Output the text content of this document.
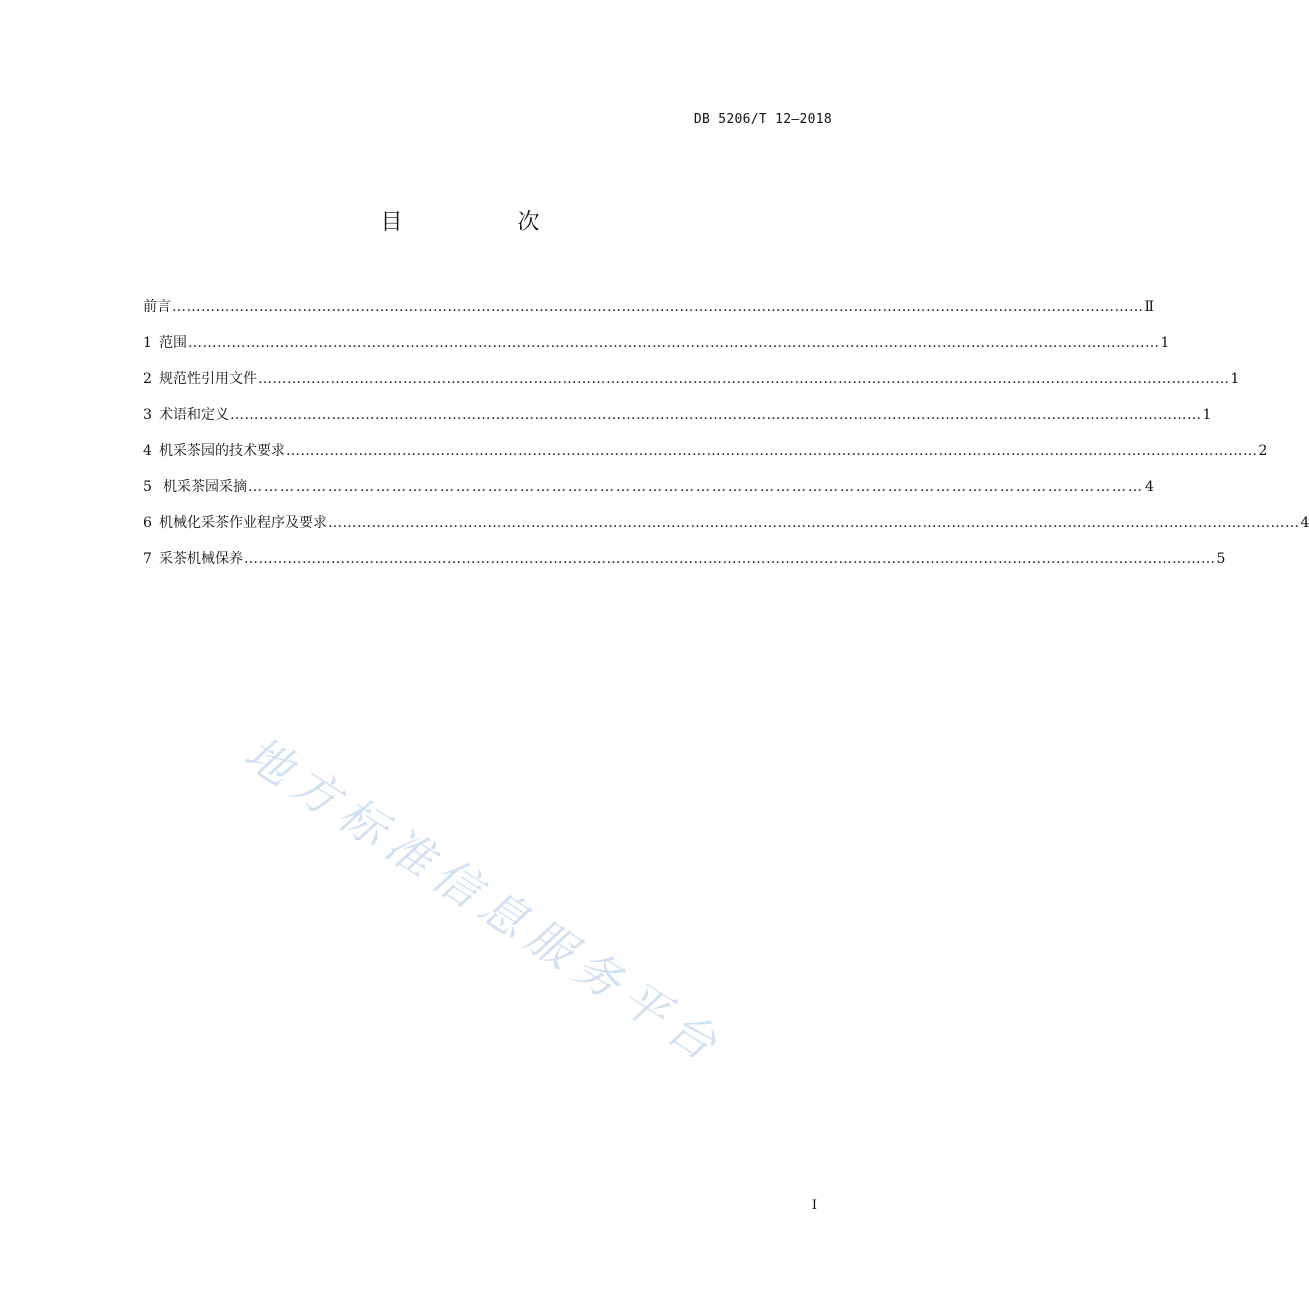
DB 5206/T 12—2018
目 次
前言 ………………………………………………………………………………………………………………………………………………………………………………… Ⅱ
1 范围 ………………………………………………………………………………………………………………………………………………………………………………… 1
2 规范性引用文件 ………………………………………………………………………………………………………………………………………………………………………………… 1
3 术语和定义 ………………………………………………………………………………………………………………………………………………………………………………… 1
4 机采茶园的技术要求 ………………………………………………………………………………………………………………………………………………………………………………… 2
5 机采茶园采摘 …………………………………………………………………………………………………………………………………………………… 4
6 机械化采茶作业程序及要求 ………………………………………………………………………………………………………………………………………………………………………………… 4
7 采茶机械保养 ………………………………………………………………………………………………………………………………………………………………………………… 5
地方标准信息服务平台
I
